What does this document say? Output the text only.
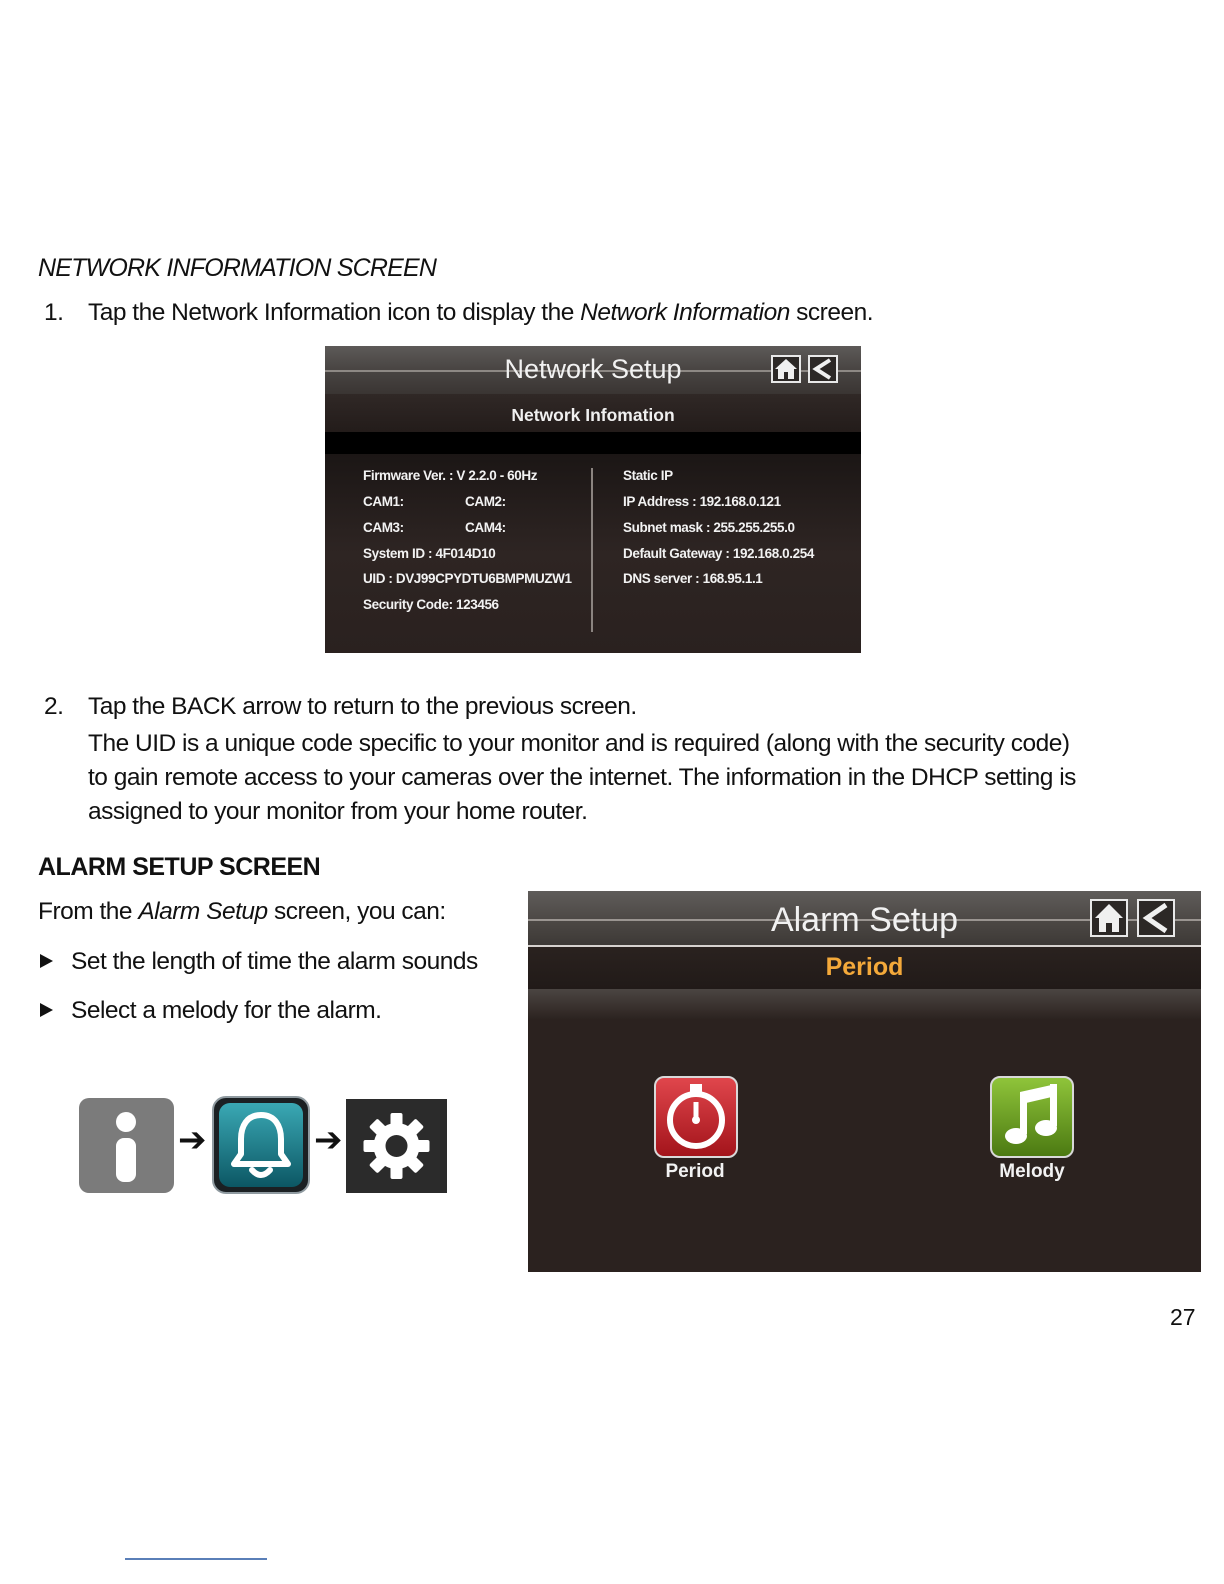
NETWORK INFORMATION SCREEN
1. Tap the Network Information icon to display the Network Information screen.
Network Setup
Network Infomation
Firmware Ver. : V 2.2.0 - 60Hz
CAM1:	CAM2:
CAM3:	CAM4:
System ID : 4F014D10
UID : DVJ99CPYDTU6BMPMUZW1
Security Code: 123456
Static IP
IP Address : 192.168.0.121
Subnet mask : 255.255.255.0
Default Gateway : 192.168.0.254
DNS server : 168.95.1.1
2. Tap the BACK arrow to return to the previous screen.
The UID is a unique code specific to your monitor and is required (along with the security code)
to gain remote access to your cameras over the internet. The information in the DHCP setting is
assigned to your monitor from your home router.
ALARM SETUP SCREEN
From the Alarm Setup screen, you can:
Set the length of time the alarm sounds
Select a melody for the alarm.
➔	➔
Alarm Setup
Period
Period	Melody
27
